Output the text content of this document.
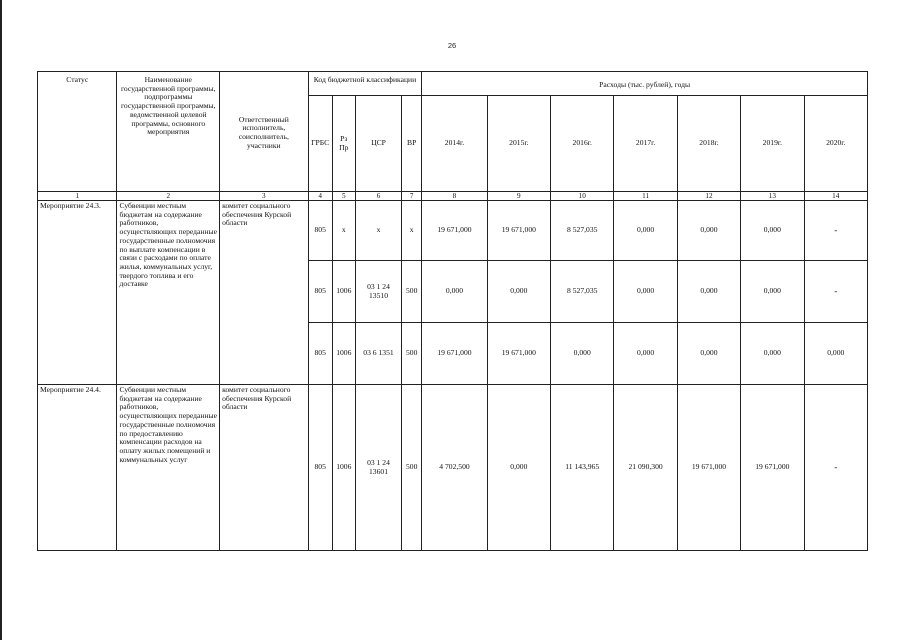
26
Статус	Наименование государственной программы, подпрограммы государственной программы, ведомственной целевой программы, основного мероприятия	Ответственный исполнитель, соисполнитель, участники	Код бюджетной классификации				Расходы (тыс. рублей), годы						
			ГРБС	Рз Пр	ЦСР	ВР	2014г.	2015г.	2016г.	2017г.	2018г.	2019г.	2020г.
1	2	3	4	5	6	7	8	9	10	11	12	13	14
Мероприятие 24.3.	Субвенции местным бюджетам на содержание работников, осуществляющих переданные государственные полномочия по выплате компенсации в связи с расходами по оплате жилья, коммунальных услуг, твердого топлива и его доставке	комитет социального обеспечения Курской области	805	х	х	х	19 671,000	19 671,000	8 527,035	0,000	0,000	0,000	-
			805	1006	03 1 24 13510	500	0,000	0,000	8 527,035	0,000	0,000	0,000	-
			805	1006	03 6 1351	500	19 671,000	19 671,000	0,000	0,000	0,000	0,000	0,000
Мероприятие 24.4.	Субвенции местным бюджетам на содержание работников, осуществляющих переданные государственные полномочия по предоставлению компенсации расходов на оплату жилых помещений и коммунальных услуг	комитет социального обеспечения Курской области	805	1006	03 1 24 13601	500	4 702,500	0,000	11 143,965	21 090,300	19 671,000	19 671,000	-
